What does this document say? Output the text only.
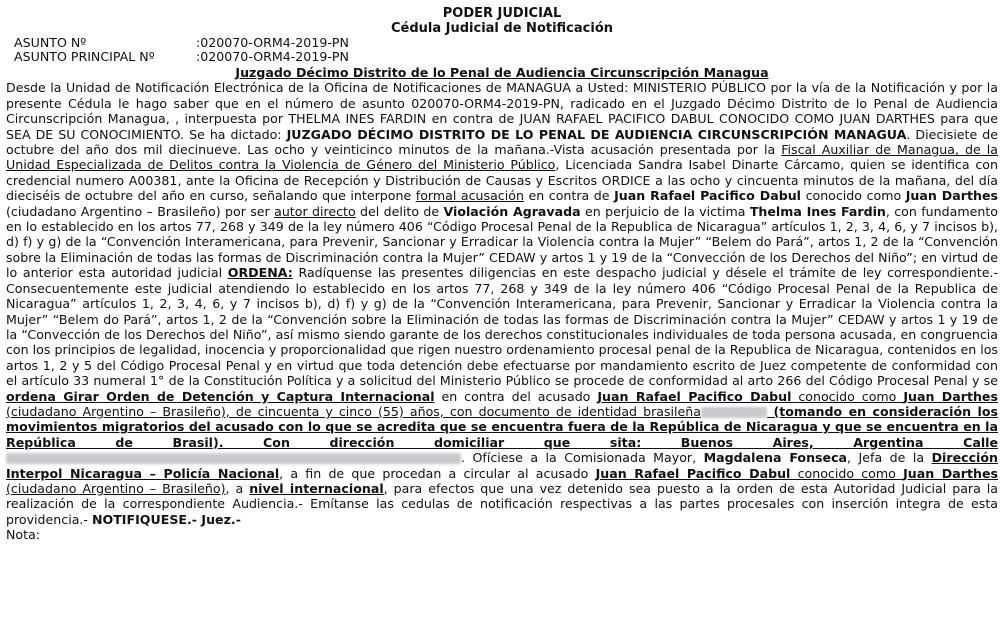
PODER JUDICIAL
Cédula Judicial de Notificación
ASUNTO Nº	:020070-ORM4-2019-PN
ASUNTO PRINCIPAL Nº	:020070-ORM4-2019-PN
Juzgado Décimo Distrito de lo Penal de Audiencia Circunscripción Managua
Desde la Unidad de Notificación Electrónica de la Oficina de Notificaciones de MANAGUA a Usted: MINISTERIO PÚBLICO por la vía de la Notificación y por la presente Cédula le hago saber que en el número de asunto 020070-ORM4-2019-PN, radicado en el Juzgado Décimo Distrito de lo Penal de Audiencia Circunscripción Managua, , interpuesta por THELMA INES FARDIN en contra de JUAN RAFAEL PACIFICO DABUL CONOCIDO COMO JUAN DARTHES para que SEA DE SU CONOCIMIENTO. Se ha dictado: JUZGADO DÉCIMO DISTRITO DE LO PENAL DE AUDIENCIA CIRCUNSCRIPCIÓN MANAGUA. Diecisiete de octubre del año dos mil diecinueve. Las ocho y veinticinco minutos de la mañana.-Vista acusación presentada por la Fiscal Auxiliar de Managua, de la Unidad Especializada de Delitos contra la Violencia de Género del Ministerio Público, Licenciada Sandra Isabel Dinarte Cárcamo, quien se identifica con credencial numero A00381, ante la Oficina de Recepción y Distribución de Causas y Escritos ORDICE a las ocho y cincuenta minutos de la mañana, del día dieciséis de octubre del año en curso, señalando que interpone formal acusación en contra de Juan Rafael Pacifico Dabul conocido como Juan Darthes (ciudadano Argentino – Brasileño) por ser autor directo del delito de Violación Agravada en perjuicio de la victima Thelma Ines Fardin, con fundamento en lo establecido en los artos 77, 268 y 349 de la ley número 406 “Código Procesal Penal de la Republica de Nicaragua” artículos 1, 2, 3, 4, 6, y 7 incisos b), d) f) y g) de la “Convención Interamericana, para Prevenir, Sancionar y Erradicar la Violencia contra la Mujer” “Belem do Pará”, artos 1, 2 de la “Convención sobre la Eliminación de todas las formas de Discriminación contra la Mujer” CEDAW y artos 1 y 19 de la “Convección de los Derechos del Niño”; en virtud de lo anterior esta autoridad judicial ORDENA: Radíquense las presentes diligencias en este despacho judicial y désele el trámite de ley correspondiente.- Consecuentemente este judicial atendiendo lo establecido en los artos 77, 268 y 349 de la ley número 406 “Código Procesal Penal de la Republica de Nicaragua” artículos 1, 2, 3, 4, 6, y 7 incisos b), d) f) y g) de la “Convención Interamericana, para Prevenir, Sancionar y Erradicar la Violencia contra la Mujer” “Belem do Pará”, artos 1, 2 de la “Convención sobre la Eliminación de todas las formas de Discriminación contra la Mujer” CEDAW y artos 1 y 19 de la “Convección de los Derechos del Niño”, así mismo siendo garante de los derechos constitucionales individuales de toda persona acusada, en congruencia con los principios de legalidad, inocencia y proporcionalidad que rigen nuestro ordenamiento procesal penal de la Republica de Nicaragua, contenidos en los artos 1, 2 y 5 del Código Procesal Penal y en virtud que toda detención debe efectuarse por mandamiento escrito de Juez competente de conformidad con el artículo 33 numeral 1° de la Constitución Política y a solicitud del Ministerio Público se procede de conformidad al arto 266 del Código Procesal Penal y se ordena Girar Orden de Detención y Captura Internacional en contra del acusado Juan Rafael Pacifico Dabul conocido como Juan Darthes (ciudadano Argentino – Brasileño), de cincuenta y cinco (55) años, con documento de identidad brasileña	(tomando en consideración los movimientos migratorios del acusado con lo que se acredita que se encuentra fuera de la República de Nicaragua y que se encuentra en la República de Brasil). Con dirección domiciliar que sita: Buenos Aires, Argentina Calle . Ofíciese a la Comisionada Mayor, Magdalena Fonseca, Jefa de la Dirección Interpol Nicaragua – Policía Nacional, a fin de que procedan a circular al acusado Juan Rafael Pacifico Dabul conocido como Juan Darthes (ciudadano Argentino – Brasileño), a nivel internacional, para efectos que una vez detenido sea puesto a la orden de esta Autoridad Judicial para la realización de la correspondiente Audiencia.- Emítanse las cedulas de notificación respectivas a las partes procesales con inserción integra de esta providencia.- NOTIFIQUESE.- Juez.-
Nota:
